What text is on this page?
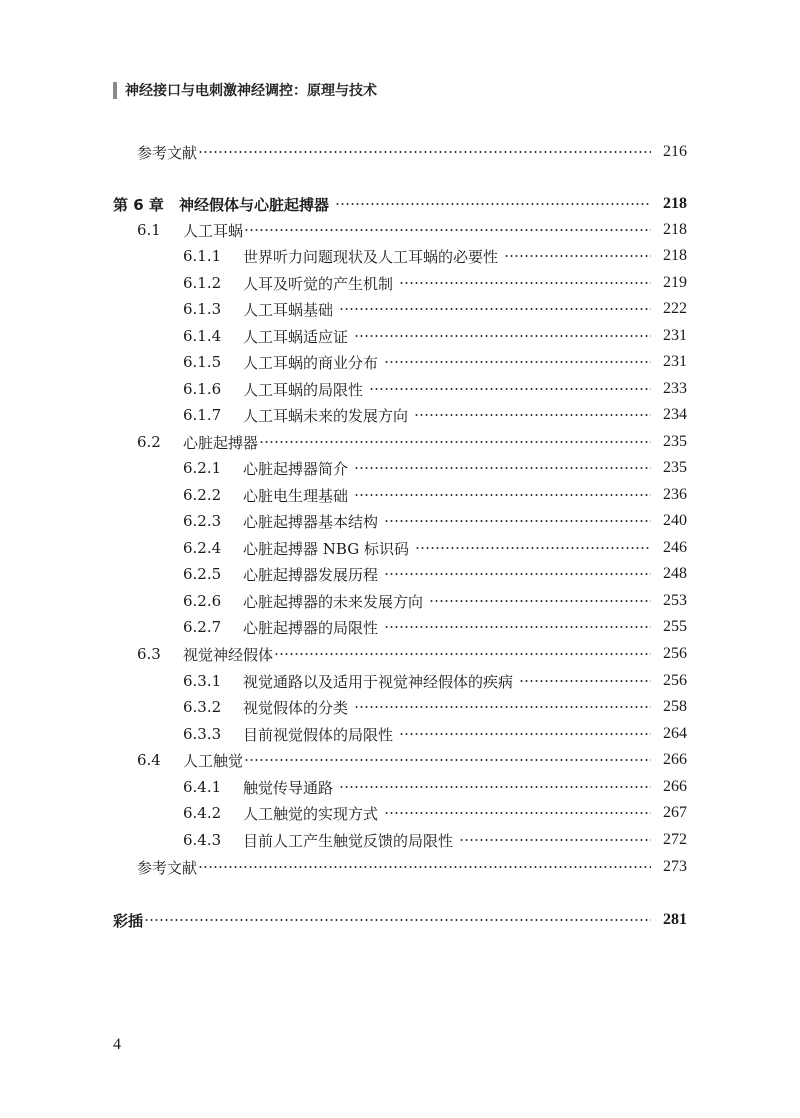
神经接口与电刺激神经调控：原理与技术
参考文献	216
第 6 章	神经假体与心脏起搏器	218
6.1	人工耳蜗	218
6.1.1	世界听力问题现状及人工耳蜗的必要性	218
6.1.2	人耳及听觉的产生机制	219
6.1.3	人工耳蜗基础	222
6.1.4	人工耳蜗适应证	231
6.1.5	人工耳蜗的商业分布	231
6.1.6	人工耳蜗的局限性	233
6.1.7	人工耳蜗未来的发展方向	234
6.2	心脏起搏器	235
6.2.1	心脏起搏器简介	235
6.2.2	心脏电生理基础	236
6.2.3	心脏起搏器基本结构	240
6.2.4	心脏起搏器 NBG 标识码	246
6.2.5	心脏起搏器发展历程	248
6.2.6	心脏起搏器的未来发展方向	253
6.2.7	心脏起搏器的局限性	255
6.3	视觉神经假体	256
6.3.1	视觉通路以及适用于视觉神经假体的疾病	256
6.3.2	视觉假体的分类	258
6.3.3	目前视觉假体的局限性	264
6.4	人工触觉	266
6.4.1	触觉传导通路	266
6.4.2	人工触觉的实现方式	267
6.4.3	目前人工产生触觉反馈的局限性	272
参考文献	273
彩插	281
4
